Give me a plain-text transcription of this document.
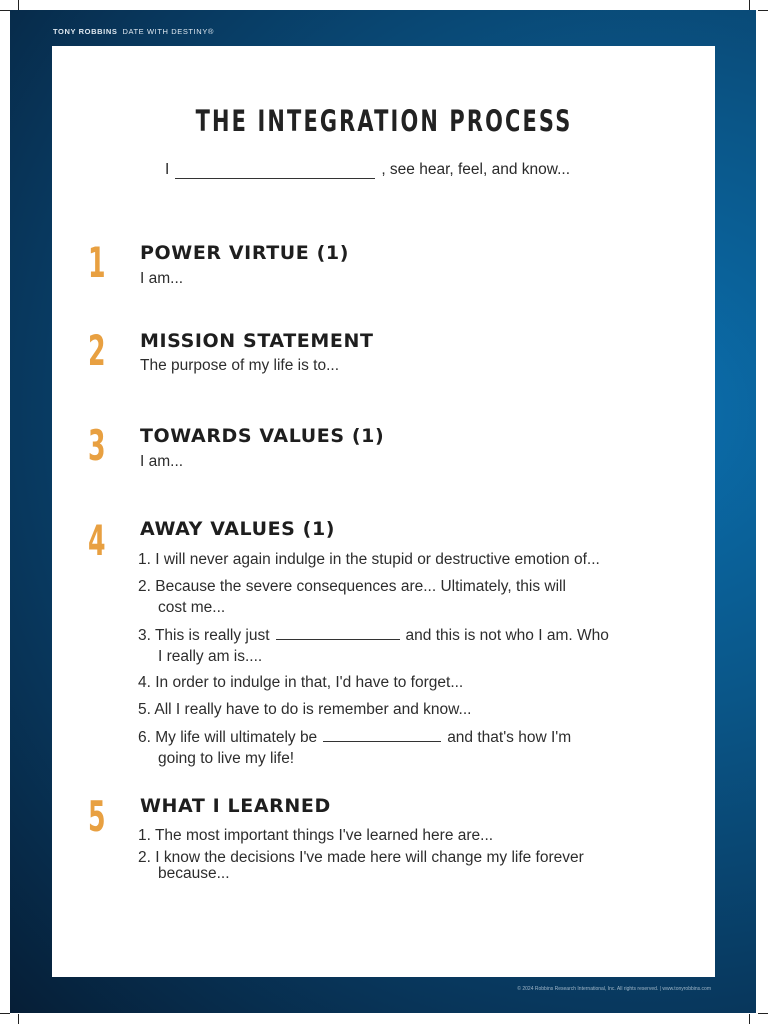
TONY ROBBINS DATE WITH DESTINY®
© 2024 Robbins Research International, Inc. All rights reserved. | www.tonyrobbins.com
THE INTEGRATION PROCESS
I	, see hear, feel, and know...
1 POWER VIRTUE (1)
I am...
2 MISSION STATEMENT
The purpose of my life is to...
3 TOWARDS VALUES (1)
I am...
4 AWAY VALUES (1)
1. I will never again indulge in the stupid or destructive emotion of...
2. Because the severe consequences are... Ultimately, this will
cost me...
3. This is really just	and this is not who I am. Who
I really am is....
4. In order to indulge in that, I'd have to forget...
5. All I really have to do is remember and know...
6. My life will ultimately be	and that's how I'm
going to live my life!
5 WHAT I LEARNED
1. The most important things I've learned here are...
2. I know the decisions I've made here will change my life forever
because...
